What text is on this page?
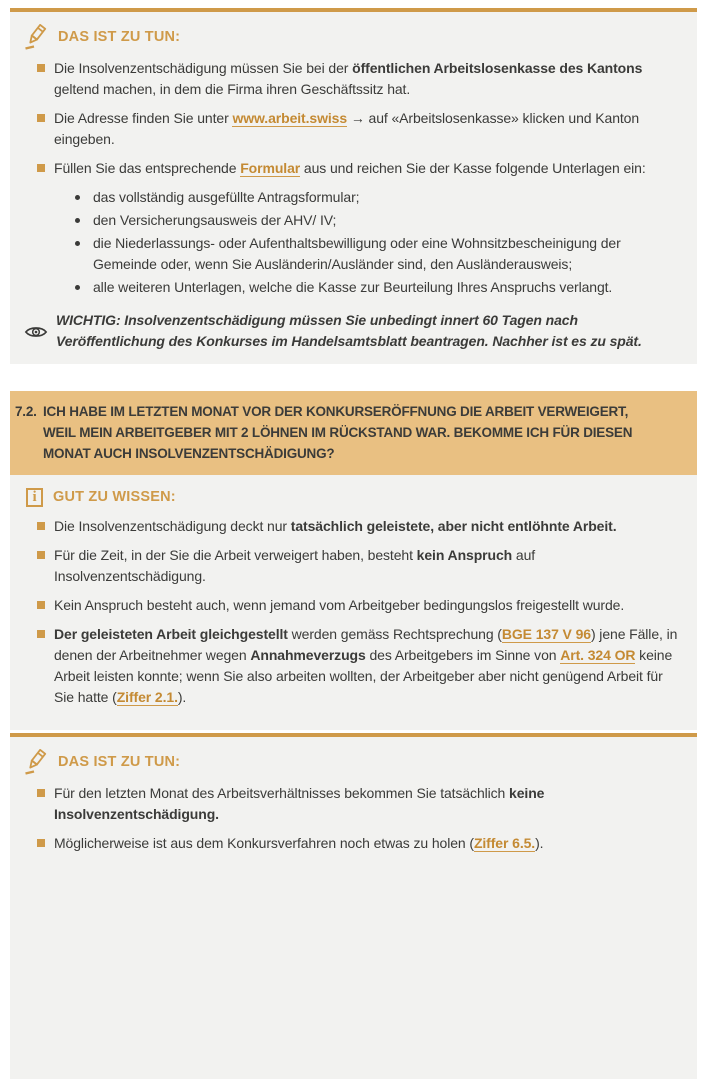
DAS IST ZU TUN:

Die Insolvenzentschädigung müssen Sie bei der öffentlichen Arbeitslosenkasse des Kantons geltend machen, in dem die Firma ihren Geschäftssitz hat.

Die Adresse finden Sie unter www.arbeit.swiss → auf «Arbeitslosenkasse» klicken und Kanton eingeben.

Füllen Sie das entsprechende Formular aus und reichen Sie der Kasse folgende Unterlagen ein:

das vollständig ausgefüllte Antragsformular;

den Versicherungsausweis der AHV/ IV;

die Niederlassungs- oder Aufenthaltsbewilligung oder eine Wohnsitzbescheinigung der Gemeinde oder, wenn Sie Ausländerin/Ausländer sind, den Ausländerausweis;

alle weiteren Unterlagen, welche die Kasse zur Beurteilung Ihres Anspruchs verlangt.

WICHTIG: Insolvenzentschädigung müssen Sie unbedingt innert 60 Tagen nach Veröffentlichung des Konkurses im Handelsamtsblatt beantragen. Nachher ist es zu spät.

7.2. ICH HABE IM LETZTEN MONAT VOR DER KONKURSERÖFFNUNG DIE ARBEIT VERWEIGERT, WEIL MEIN ARBEITGEBER MIT 2 LÖHNEN IM RÜCKSTAND WAR. BEKOMME ICH FÜR DIESEN MONAT AUCH INSOLVENZENTSCHÄDIGUNG?

i	GUT ZU WISSEN:

Die Insolvenzentschädigung deckt nur tatsächlich geleistete, aber nicht entlöhnte Arbeit.

Für die Zeit, in der Sie die Arbeit verweigert haben, besteht kein Anspruch auf Insolvenzentschädigung.

Kein Anspruch besteht auch, wenn jemand vom Arbeitgeber bedingungslos freigestellt wurde.

Der geleisteten Arbeit gleichgestellt werden gemäss Rechtsprechung (BGE 137 V 96) jene Fälle, in denen der Arbeitnehmer wegen Annahmeverzugs des Arbeitgebers im Sinne von Art. 324 OR keine Arbeit leisten konnte; wenn Sie also arbeiten wollten, der Arbeitgeber aber nicht genügend Arbeit für Sie hatte (Ziffer 2.1.).

DAS IST ZU TUN:

Für den letzten Monat des Arbeitsverhältnisses bekommen Sie tatsächlich keine Insolvenzentschädigung.

Möglicherweise ist aus dem Konkursverfahren noch etwas zu holen (Ziffer 6.5.).
